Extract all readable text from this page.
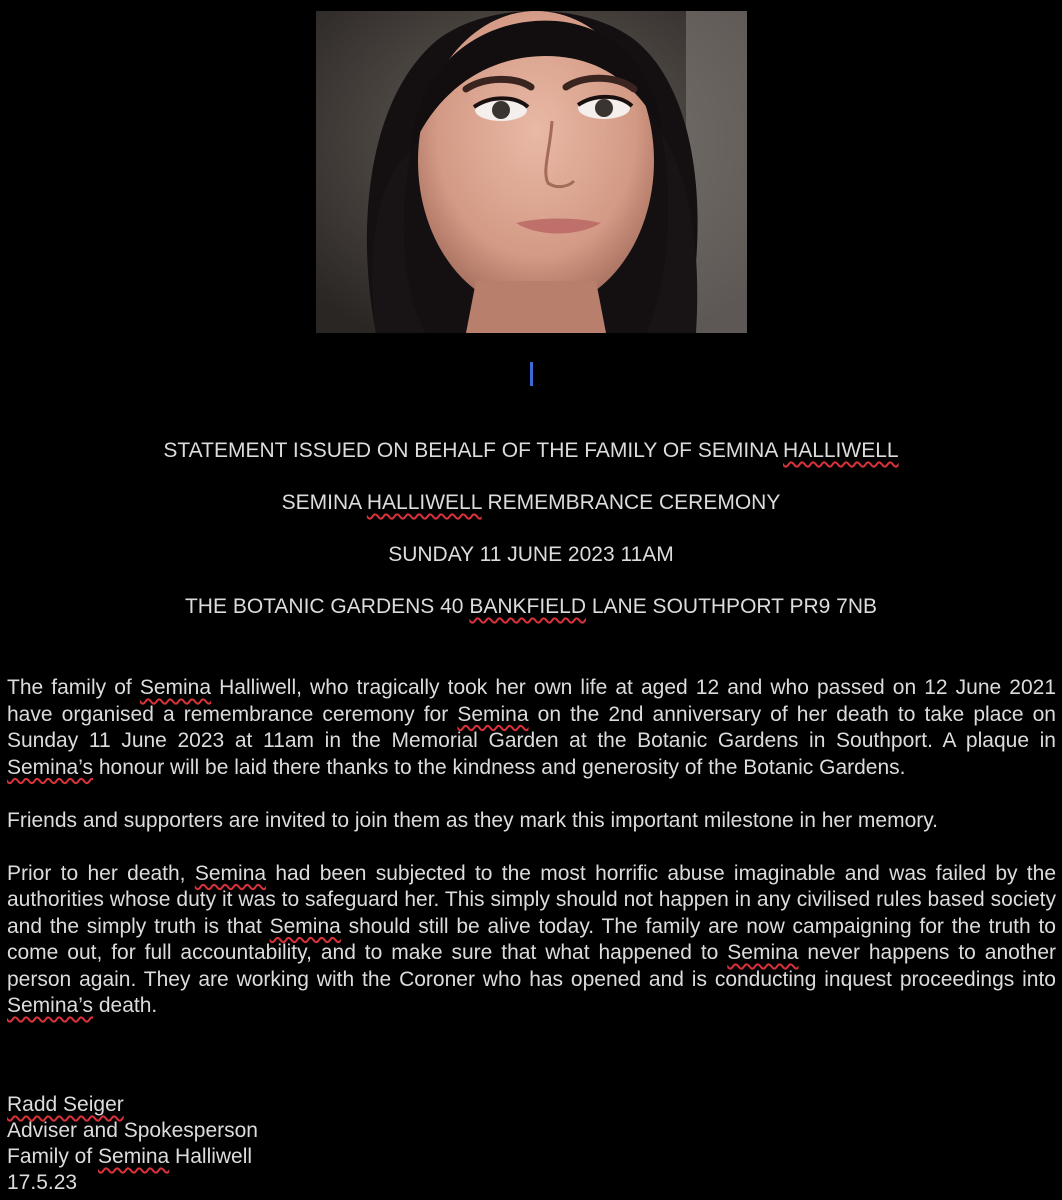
STATEMENT ISSUED ON BEHALF OF THE FAMILY OF SEMINA HALLIWELL
SEMINA HALLIWELL REMEMBRANCE CEREMONY
SUNDAY 11 JUNE 2023 11AM
THE BOTANIC GARDENS 40 BANKFIELD LANE SOUTHPORT PR9 7NB

The family of Semina Halliwell, who tragically took her own life at aged 12 and who passed on 12 June 2021 have organised a remembrance ceremony for Semina on the 2nd anniversary of her death to take place on Sunday 11 June 2023 at 11am in the Memorial Garden at the Botanic Gardens in Southport. A plaque in Semina’s honour will be laid there thanks to the kindness and generosity of the Botanic Gardens.

Friends and supporters are invited to join them as they mark this important milestone in her memory.

Prior to her death, Semina had been subjected to the most horrific abuse imaginable and was failed by the authorities whose duty it was to safeguard her. This simply should not happen in any civilised rules based society and the simply truth is that Semina should still be alive today. The family are now campaigning for the truth to come out, for full accountability, and to make sure that what happened to Semina never happens to another person again. They are working with the Coroner who has opened and is conducting inquest proceedings into Semina’s death.

Radd Seiger
Adviser and Spokesperson
Family of Semina Halliwell
17.5.23
